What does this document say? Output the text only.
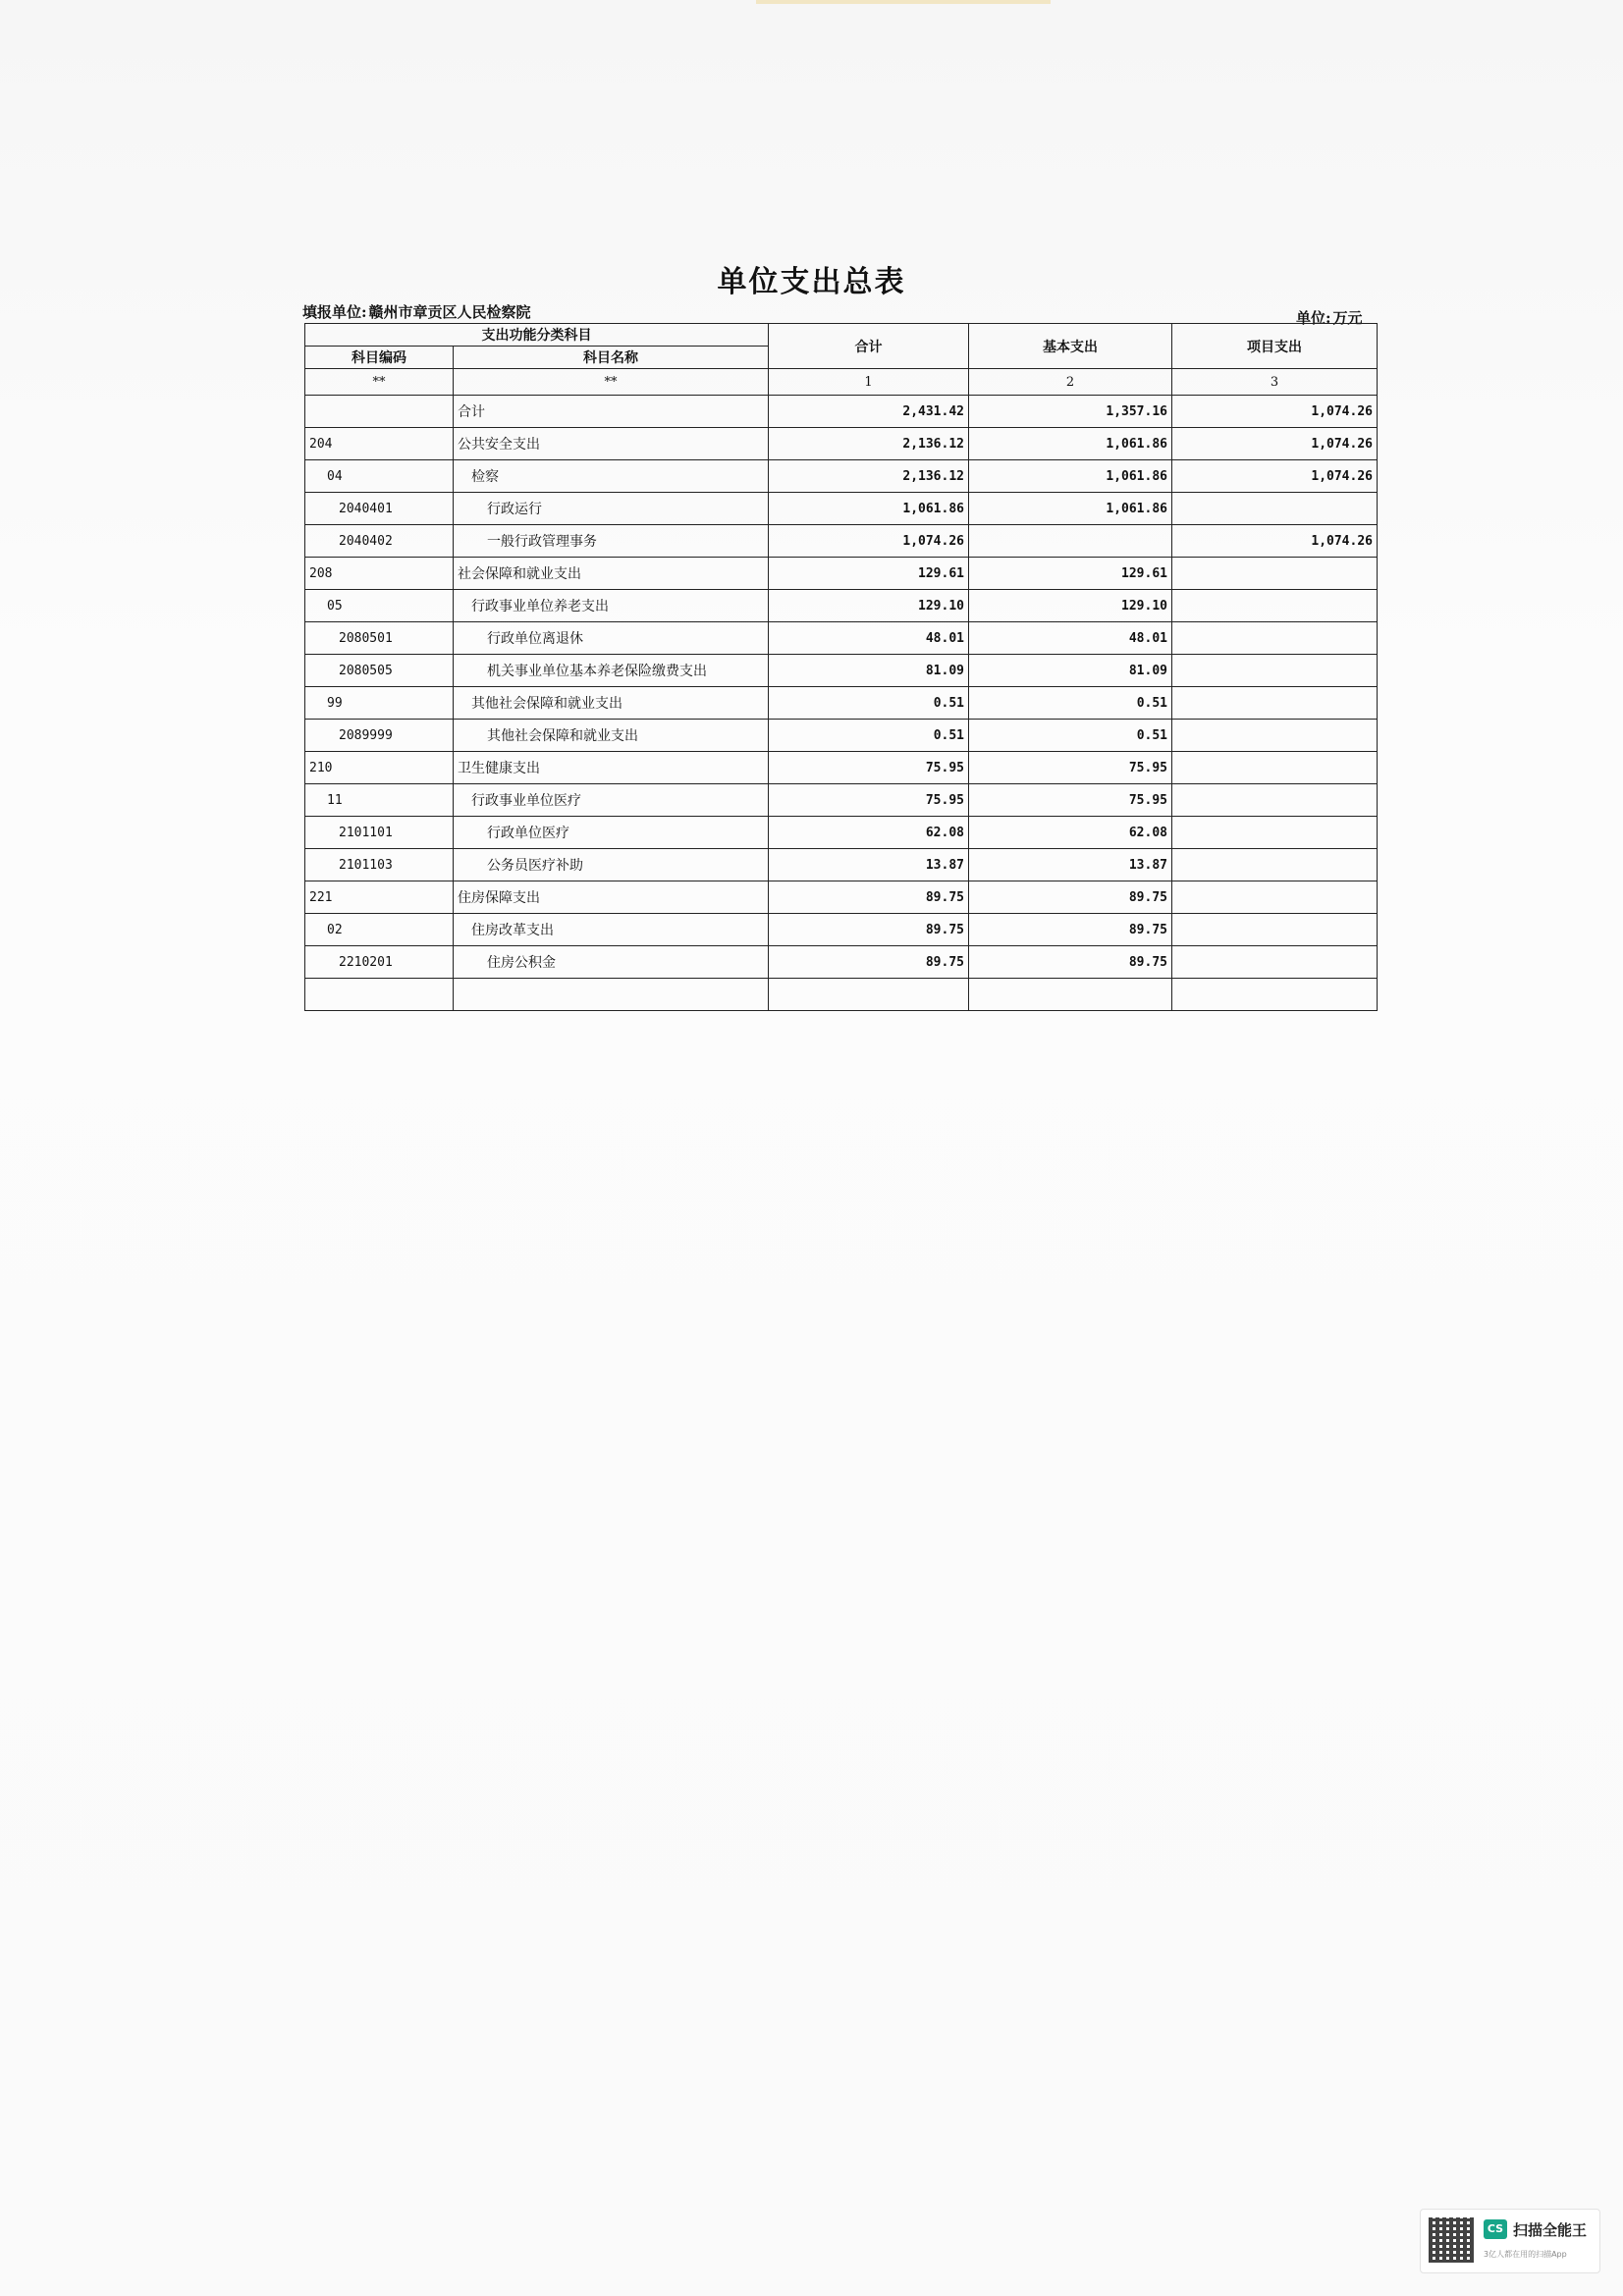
单位支出总表
填报单位: 赣州市章贡区人民检察院	单位: 万元
支出功能分类科目		合计	基本支出	项目支出
科目编码	科目名称			
**	**	1	2	3
	合计	2,431.42	1,357.16	1,074.26
204	公共安全支出	2,136.12	1,061.86	1,074.26
04	检察	2,136.12	1,061.86	1,074.26
2040401	行政运行	1,061.86	1,061.86	
2040402	一般行政管理事务	1,074.26		1,074.26
208	社会保障和就业支出	129.61	129.61	
05	行政事业单位养老支出	129.10	129.10	
2080501	行政单位离退休	48.01	48.01	
2080505	机关事业单位基本养老保险缴费支出	81.09	81.09	
99	其他社会保障和就业支出	0.51	0.51	
2089999	其他社会保障和就业支出	0.51	0.51	
210	卫生健康支出	75.95	75.95	
11	行政事业单位医疗	75.95	75.95	
2101101	行政单位医疗	62.08	62.08	
2101103	公务员医疗补助	13.87	13.87	
221	住房保障支出	89.75	89.75	
02	住房改革支出	89.75	89.75	
2210201	住房公积金	89.75	89.75	

CS 扫描全能王
3亿人都在用的扫描App
